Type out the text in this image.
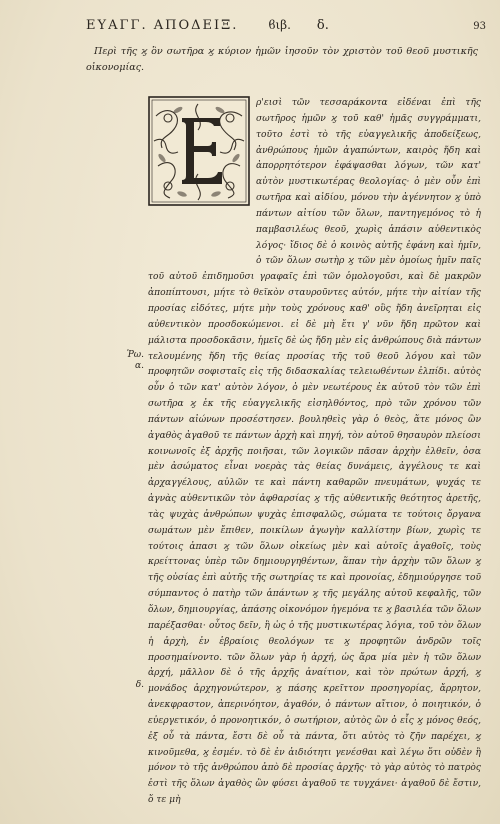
ΕΥΑΓΓ. ΑΠΟΔΕΙΞ.	ϐιβ. δ.	93
Περὶ τῆς ϗ ὃν σωτῆρα ϗ κύριον ἡμῶν ἰησοῦν τὸν χριστὸν τοῦ θεοῦ μυστικῆς οἰκονομίας.
ρ'εισὶ τῶν τεσσαράκοντα εἰδέναι ἐπὶ τῆς σωτῆρος ἡμῶν ϗ τοῦ καθ' ἡμᾶς συγγράμματι, τοῦτο ἐστὶ τὸ τῆς εὐαγγελικῆς ἀποδείξεως, ἀνθρώπους ἡμῶν ἀγαπώντων, καιρὸς ἤδη καὶ ἀπορρητότερον ἐφάψασθαι λόγων, τῶν κατ' αὐτὸν μυστικωτέρας θεολογίας· ὁ μὲν οὖν ἐπὶ σωτῆρα καὶ αἰδίου, μόνου τὴν ἀγέννητον ϗ ὑπὸ πάντων αἰτίου τῶν ὅλων, παντηγεμόνος τὸ ἡ παμβασιλέως θεοῦ, χωρὶς ἁπάσιν αὐθεντικὸς λόγος· ἴδιος δὲ ὁ κοινὸς αὐτῆς ἐφάνη καὶ ἡμῖν, ὁ τῶν ὅλων σωτὴρ ϗ τῶν μὲν ὁμοίως ἡμῖν παῖς τοῦ αὐτοῦ ἐπιδημοῦσι γραφαῖς ἐπὶ τῶν ὁμολογοῦσι, καὶ δὲ μακρῶν ἀποπίπτουσι, μήτε τὸ θεϊκὸν σταυροῦντες αὐτόν, μήτε τὴν αἰτίαν τῆς προσίας εἰδότες, μήτε μὴν τοὺς χρόνους καθ' οὓς ἤδη ἀνεῖρηται εἰς αὐθεντικὸν προσδοκώμενοι. εἰ δὲ μὴ ἔτι γ' νῦν ἤδη πρῶτον καὶ μάλιστα προσδοκᾶσιν, ἡμεῖς δὲ ὡς ἤδη μὲν εἰς ἀνθρώπους διὰ πάντων τελουμένης ἤδη τῆς θείας προσίας τῆς τοῦ θεοῦ λόγου καὶ τῶν προφητῶν σοφισταῖς εἰς τῆς διδασκαλίας τελειωθέντων ἐλπίδι. αὐτὸς οὖν ὁ τῶν κατ' αὐτὸν λόγον, ὁ μὲν νεωτέρους ἐκ αὐτοῦ τὸν τῶν ἐπὶ σωτῆρα ϗ ἐκ τῆς εὐαγγελικῆς εἰσηλθόντος, πρὸ τῶν χρόνου τῶν πάντων αἰώνων προσέστησεν. βουληθεὶς γὰρ ὁ θεὸς, ἅτε μόνος ὢν ἀγαθὸς ἀγαθοῦ τε πάντων ἀρχὴ καὶ πηγή, τὸν αὐτοῦ θησαυρὸν πλείοσι κοινωνοῖς ἐξ ἀρχῆς ποιῆσαι, τῶν λογικῶν πᾶσαν ἀρχὴν ἐλθεῖν, ὁσα μὲν ἀσώματος εἶναι νοερὰς τὰς θείας δυνάμεις, ἀγγέλους τε καὶ ἀρχαγγέλους, αὐλῶν τε καὶ πάντη καθαρῶν πνευμάτων, ψυχάς τε ἁγνὰς αὐθεντικῶν τὸν ἀφθαρσίας ϗ τῆς αὐθεντικῆς θεότητος ἀρετῆς, τὰς ψυχὰς ἀνθρώπων ψυχὰς ἐπισφαλῶς, σώματα τε τούτοις ὄργανα σωμάτων μὲν ἔπιθεν, ποικίλων ἀγωγὴν καλλίστην βίων, χωρὶς τε τούτοις ἀπασι ϗ τῶν ὅλων οἰκείως μὲν καὶ αὐτοῖς ἀγαθοῖς, τοὺς κρείττονας ὑπὲρ τῶν δημιουργηθέντων, ἅπαν τὴν ἀρχὴν τῶν ὅλων ϗ τῆς οὐσίας ἐπὶ αὐτῆς τῆς σωτηρίας τε καὶ προνοίας, ἐδημιούργησε τοῦ σύμπαντος ὁ πατὴρ τῶν ἁπάντων ϗ τῆς μεγάλης αὐτοῦ κεφαλῆς, τῶν ὅλων, δημιουργίας, ἁπάσης οἰκονόμον ἡγεμόνα τε ϗ βασιλέα τῶν ὅλων παρέξασθαι· οὗτος δεῖν, ἢ ὡς ὁ τῆς μυστικωτέρας λόγια, τοῦ τὸν ὅλων ἡ ἀρχὴ, ἐν ἑβραίοις θεολόγων τε ϗ προφητῶν ἀνδρῶν τοῖς προσημαίνοντο. τῶν ὅλων γὰρ ἡ ἀρχή, ὡς ἄρα μία μὲν ἡ τῶν ὅλων ἀρχή, μᾶλλον δὲ ὁ τῆς ἀρχῆς ἀναίτιον, καὶ τὸν πρώτων ἀρχή, ϗ μονάδος ἀρχηγονώτερον, ϗ πάσης κρεῖττον προσηγορίας, ἄρρητον, ἀνεκφραστον, ἀπερινόητον, ἀγαθόν, ὁ πάντων αἴτιον, ὁ ποιητικόν, ὁ εὐεργετικόν, ὁ προνοητικόν, ὁ σωτήριον, αὐτὸς ὢν ὁ εἷς ϗ μόνος θεός, ἐξ οὗ τὰ πάντα, ἔστι δὲ οὗ τὰ πάντα, ὅτι αὐτὸς τὸ ζῆν παρέχει, ϗ κινοῦμεθα, ϗ ἐσμέν. τὸ δὲ ἐν ἀιδιότητι γενέσθαι καὶ λέγω ὅτι οὐδὲν ἢ μόνον τὸ τῆς ἀνθρώπου ἀπὸ δὲ προσίας ἀρχῆς· τὸ γὰρ αὐτὸς τὸ πατρὸς ἐστὶ τῆς ὅλων ἀγαθὸς ὢν φύσει ἀγαθοῦ τε τυγχάνει· ἀγαθοῦ δὲ ἔστιν, ὅ τε μὴ
Ῥω.
α.
δ.
